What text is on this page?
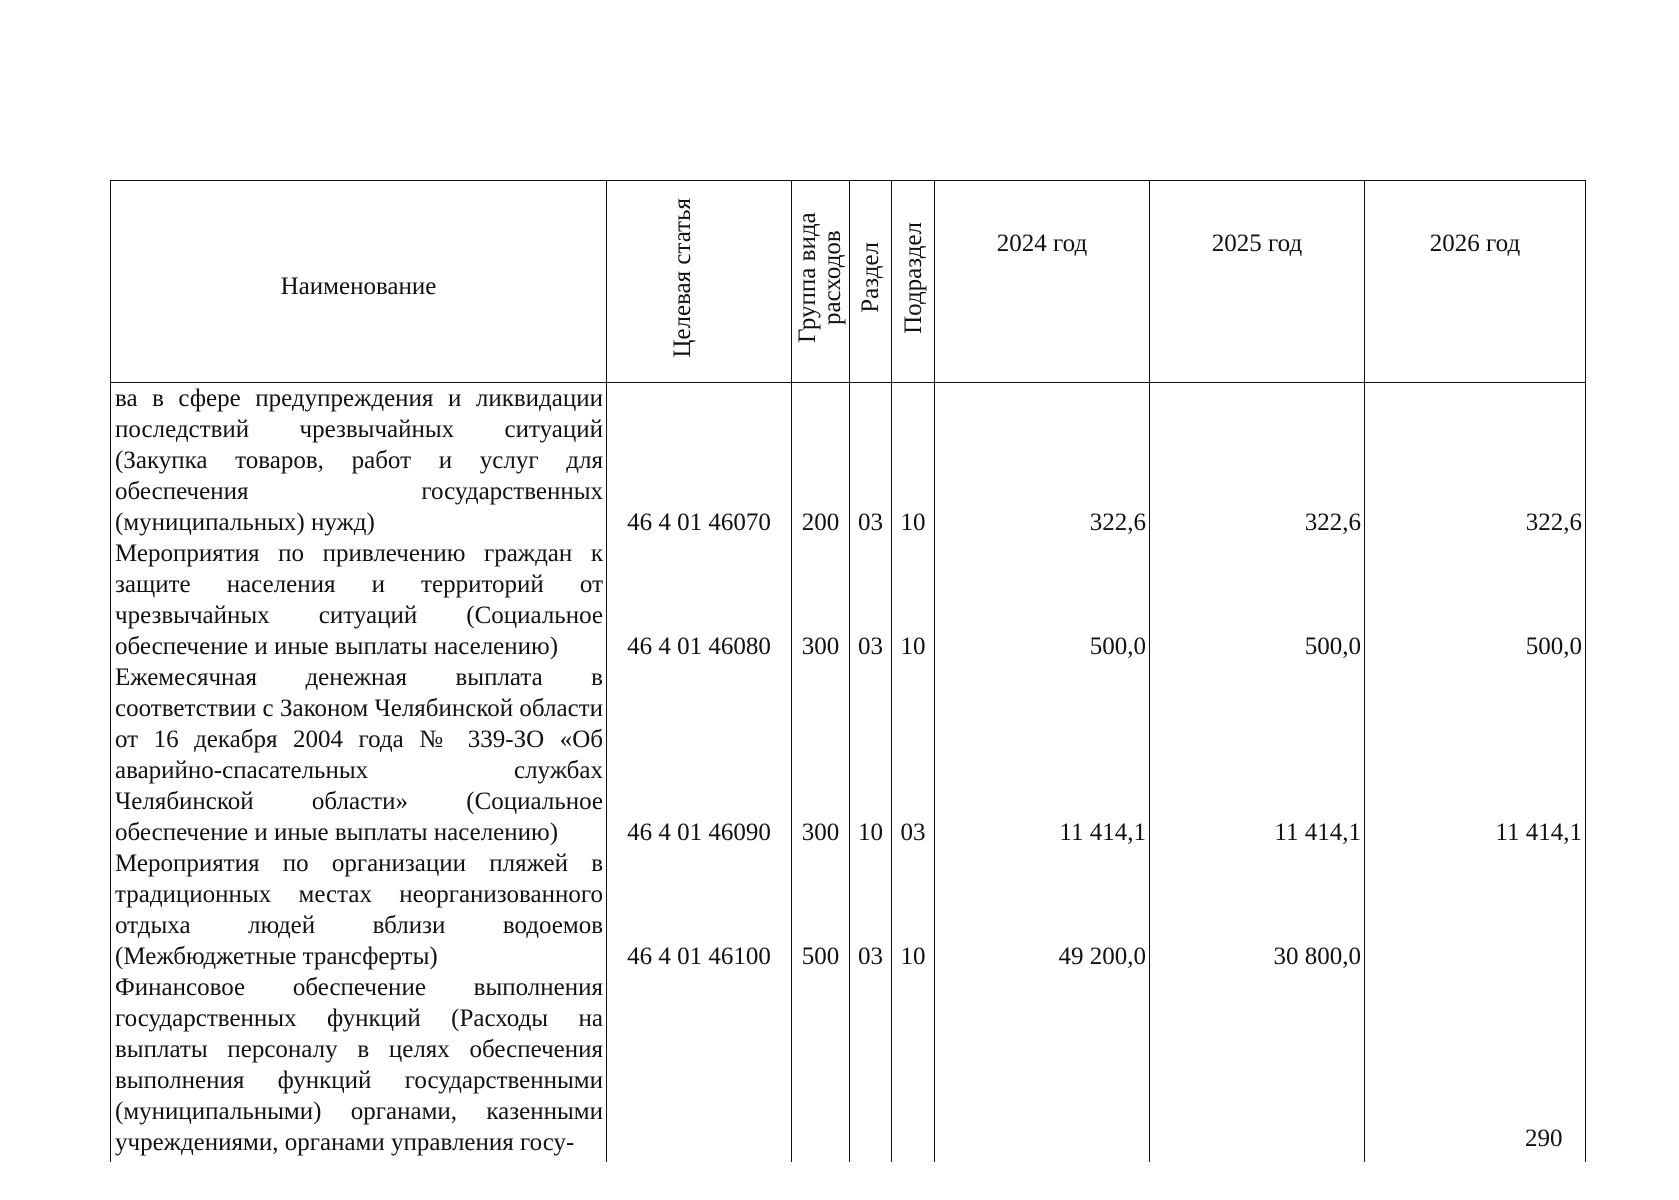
Наименование	Целевая статья	Группа вида расходов	Раздел	Подраздел	2024 год	2025 год	2026 год
ва в сфере предупреждения и ликвидации последствий чрезвычайных ситуаций (Закупка товаров, работ и услуг для обеспечения государственных (муниципальных) нужд)	46 4 01 46070	200	03	10	322,6	322,6	322,6
Мероприятия по привлечению граждан к защите населения и территорий от чрезвычайных ситуаций (Социальное обеспечение и иные выплаты населению)	46 4 01 46080	300	03	10	500,0	500,0	500,0
Ежемесячная денежная выплата в соответствии с Законом Челябинской области от 16 декабря 2004 года № 339-ЗО «Об аварийно-спасательных службах Челябинской области» (Социальное обеспечение и иные выплаты населению)	46 4 01 46090	300	10	03	11 414,1	11 414,1	11 414,1
Мероприятия по организации пляжей в традиционных местах неорганизованного отдыха людей вблизи водоемов (Межбюджетные трансферты)	46 4 01 46100	500	03	10	49 200,0	30 800,0	
Финансовое обеспечение выполнения государственных функций (Расходы на выплаты персоналу в целях обеспечения выполнения функций государственными (муниципальными) органами, казенными учреждениями, органами управления госу-								290
